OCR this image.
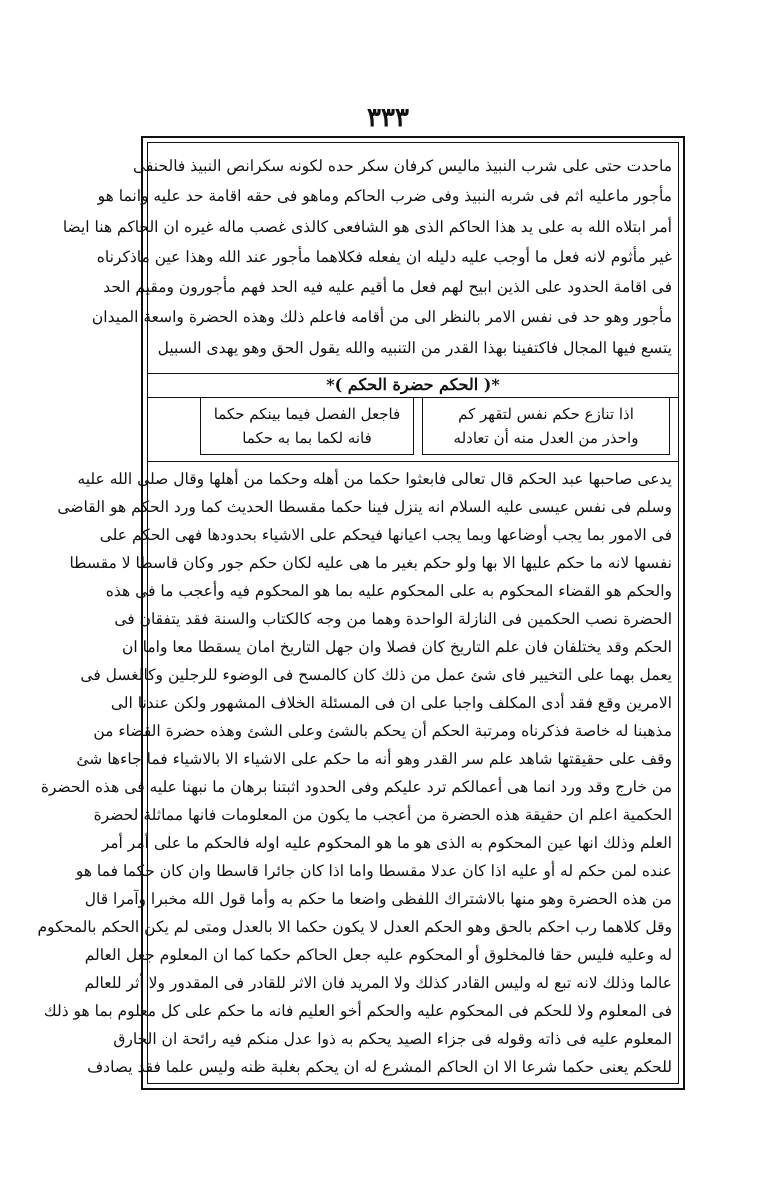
٣٣٣
ماحدت حتى على شرب النبيذ ماليس كرفان سكر حده لكونه سكرانص النبيذ فالحنفى
مأجور ماعليه اثم فى شربه النبيذ وفى ضرب الحاكم وماهو فى حقه اقامة حد عليه وانما هو
أمر ابتلاه الله به على يد هذا الحاكم الذى هو الشافعى كالذى غصب ماله غيره ان الحاكم هنا ايضا
غير مأثوم لانه فعل ما أوجب عليه دليله ان يفعله فكلاهما مأجور عند الله وهذا عين ماذكرناه
فى اقامة الحدود على الذين ابيح لهم فعل ما أقيم عليه فيه الحد فهم مأجورون ومقيم الحد
مأجور وهو حد فى نفس الامر بالنظر الى من أقامه فاعلم ذلك وهذه الحضرة واسعة الميدان
يتسع فيها المجال فاكتفينا بهذا القدر من التنبيه والله يقول الحق وهو يهدى السبيل
*( الحكم حضرة الحكم )*
اذا تنازع حكم نفس لتقهر كم
واحذر من العدل منه أن تعادله
فاجعل الفصل فيما بينكم حكما
فانه لكما بما به حكما
يدعى صاحبها عبد الحكم قال تعالى فابعثوا حكما من أهله وحكما من أهلها وقال صلى الله عليه
وسلم فى نفس عيسى عليه السلام انه ينزل فينا حكما مقسطا الحديث كما ورد الحكم هو القاضى
فى الامور بما يجب أوضاعها وبما يجب اعيانها فيحكم على الاشياء بحدودها فهى الحكم على
نفسها لانه ما حكم عليها الا بها ولو حكم بغير ما هى عليه لكان حكم جور وكان قاسطا لا مقسطا
والحكم هو القضاء المحكوم به على المحكوم عليه بما هو المحكوم فيه وأعجب ما فى هذه
الحضرة نصب الحكمين فى النازلة الواحدة وهما من وجه كالكتاب والسنة فقد يتفقان فى
الحكم وقد يختلفان فان علم التاريخ كان فصلا وان جهل التاريخ امان يسقطا معا واما ان
يعمل بهما على التخيير فاى شئ عمل من ذلك كان كالمسح فى الوضوء للرجلين وكالغسل فى
الامرين وقع فقد أدى المكلف واجبا على ان فى المسئلة الخلاف المشهور ولكن عندنا الى
مذهبنا له خاصة فذكرناه ومرتبة الحكم أن يحكم بالشئ وعلى الشئ وهذه حضرة القضاء من
وقف على حقيقتها شاهد علم سر القدر وهو أنه ما حكم على الاشياء الا بالاشياء فما جاءها شئ
من خارج وقد ورد انما هى أعمالكم ترد عليكم وفى الحدود اثبتنا برهان ما نبهنا عليه فى هذه الحضرة
الحكمية اعلم ان حقيقة هذه الحضرة من أعجب ما يكون من المعلومات فانها مماثلة لحضرة
العلم وذلك انها عين المحكوم به الذى هو ما هو المحكوم عليه اوله فالحكم ما على أمر أمر
عنده لمن حكم له أو عليه اذا كان عدلا مقسطا واما اذا كان جائرا قاسطا وان كان حكما فما هو
من هذه الحضرة وهو منها بالاشتراك اللفظى واضعا ما حكم به وأما قول الله مخبرا وآمرا قال
وقل كلاهما رب احكم بالحق وهو الحكم العدل لا يكون حكما الا بالعدل ومتى لم يكن الحكم بالمحكوم
له وعليه فليس حقا فالمخلوق أو المحكوم عليه جعل الحاكم حكما كما ان المعلوم جعل العالم
عالما وذلك لانه تبع له وليس القادر كذلك ولا المريد فان الاثر للقادر فى المقدور ولا أثر للعالم
فى المعلوم ولا للحكم فى المحكوم عليه والحكم أخو العليم فانه ما حكم على كل معلوم بما هو ذلك
المعلوم عليه فى ذاته وقوله فى جزاء الصيد يحكم به ذوا عدل منكم فيه رائحة ان الخارق
للحكم يعنى حكما شرعا الا ان الحاكم المشرع له ان يحكم بغلبة ظنه وليس علما فقد يصادف
